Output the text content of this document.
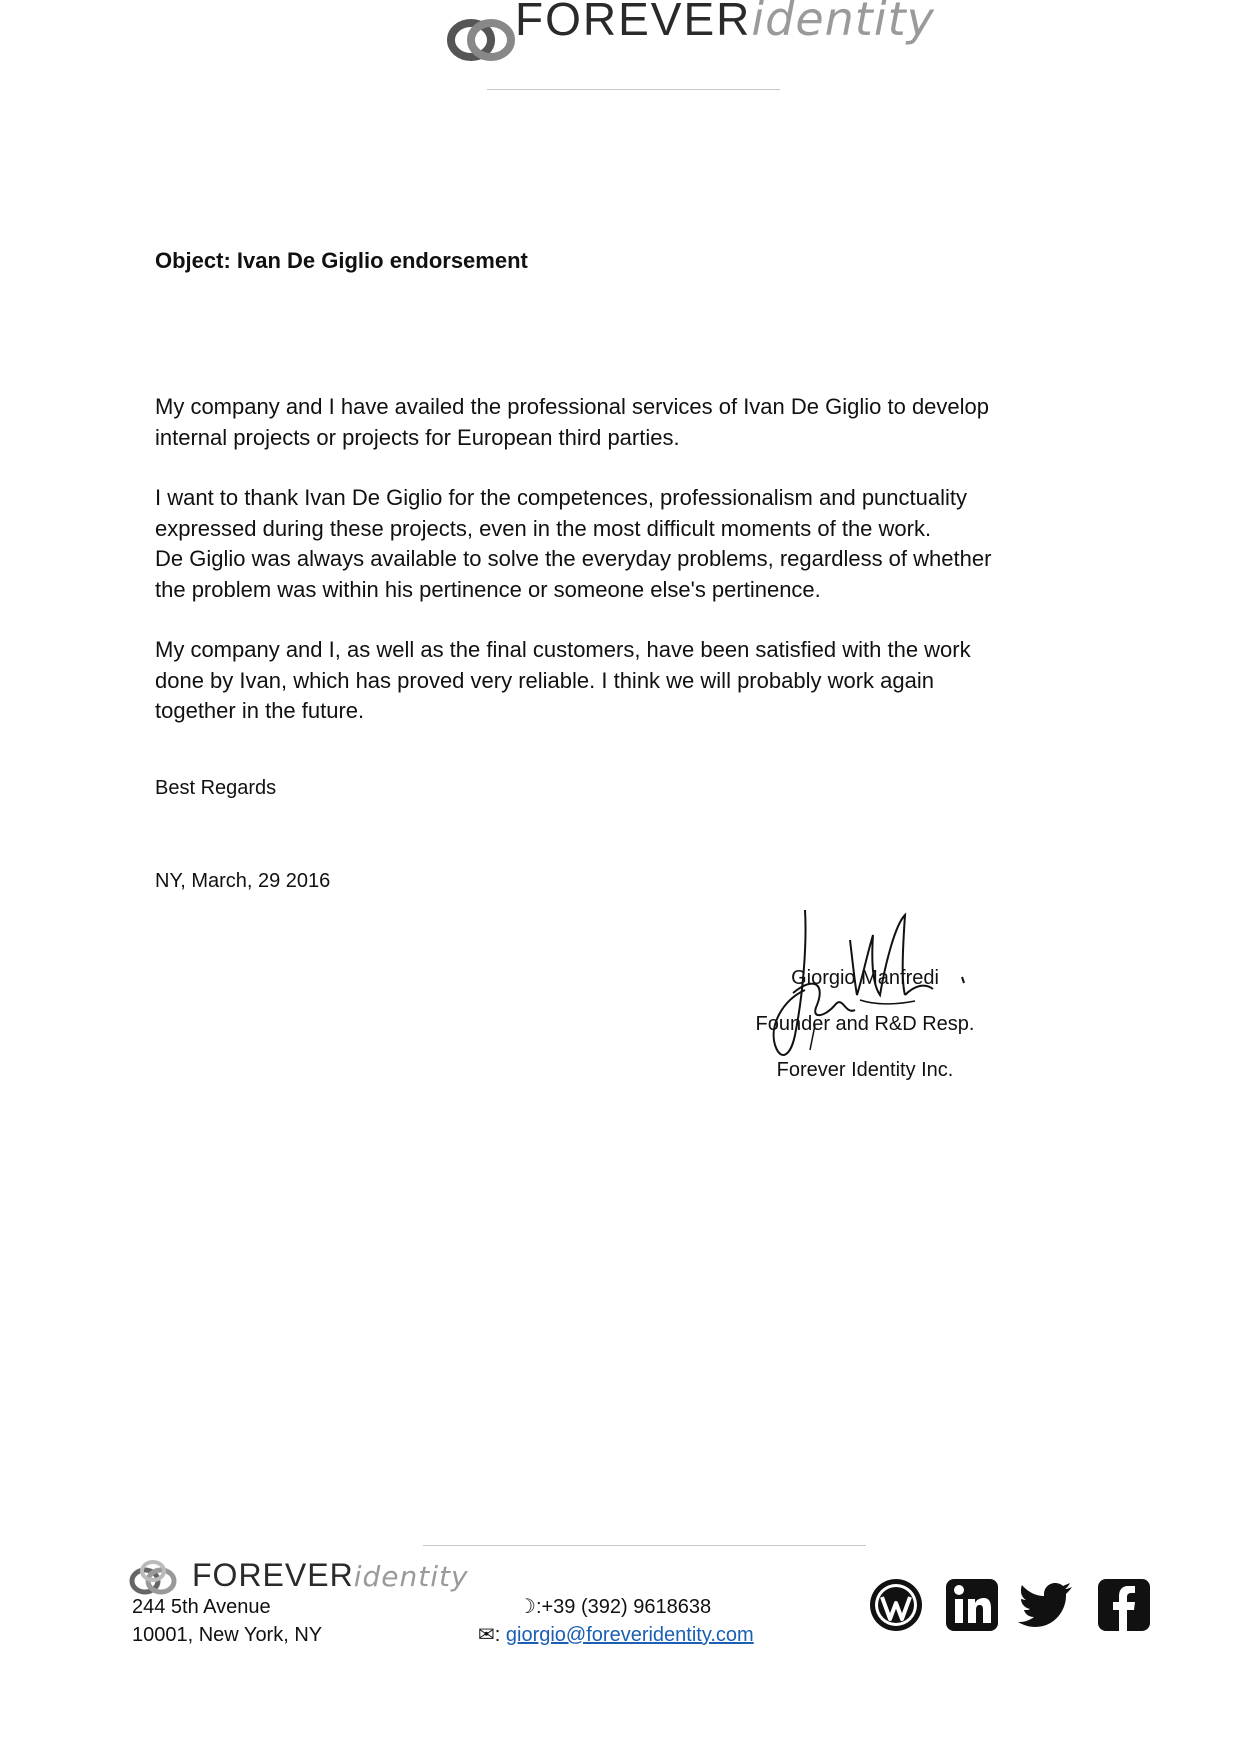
FOREVERidentity
Object: Ivan De Giglio endorsement
My company and I have availed the professional services of Ivan De Giglio to develop
internal projects or projects for European third parties.
I want to thank Ivan De Giglio for the competences, professionalism and punctuality
expressed during these projects, even in the most difficult moments of the work.
De Giglio was always available to solve the everyday problems, regardless of whether
the problem was within his pertinence or someone else's pertinence.
My company and I, as well as the final customers, have been satisfied with the work
done by Ivan, which has proved very reliable. I think we will probably work again
together in the future.
Best Regards
NY, March, 29 2016
Giorgio Manfredi
Founder and R&D Resp.
Forever Identity Inc.
FOREVERidentity
244 5th Avenue
10001, New York, NY
☽:+39 (392) 9618638
✉: giorgio@foreveridentity.com
